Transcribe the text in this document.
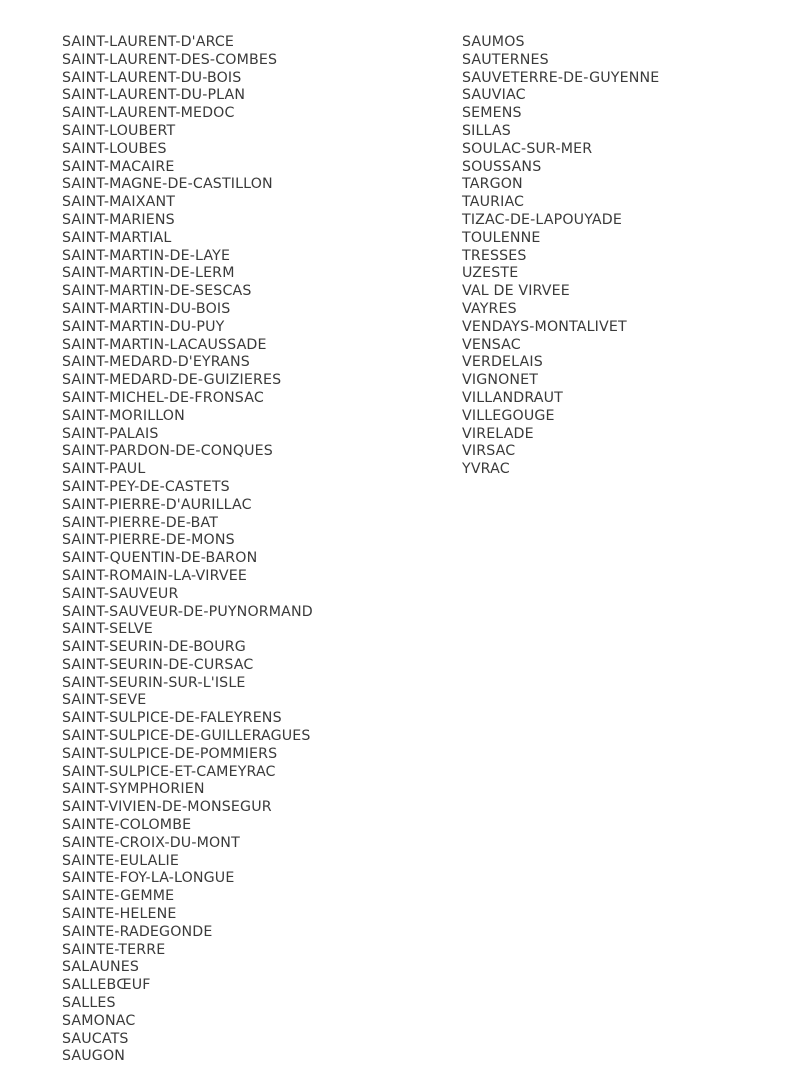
SAINT-LAURENT-D'ARCE
SAINT-LAURENT-DES-COMBES
SAINT-LAURENT-DU-BOIS
SAINT-LAURENT-DU-PLAN
SAINT-LAURENT-MEDOC
SAINT-LOUBERT
SAINT-LOUBES
SAINT-MACAIRE
SAINT-MAGNE-DE-CASTILLON
SAINT-MAIXANT
SAINT-MARIENS
SAINT-MARTIAL
SAINT-MARTIN-DE-LAYE
SAINT-MARTIN-DE-LERM
SAINT-MARTIN-DE-SESCAS
SAINT-MARTIN-DU-BOIS
SAINT-MARTIN-DU-PUY
SAINT-MARTIN-LACAUSSADE
SAINT-MEDARD-D'EYRANS
SAINT-MEDARD-DE-GUIZIERES
SAINT-MICHEL-DE-FRONSAC
SAINT-MORILLON
SAINT-PALAIS
SAINT-PARDON-DE-CONQUES
SAINT-PAUL
SAINT-PEY-DE-CASTETS
SAINT-PIERRE-D'AURILLAC
SAINT-PIERRE-DE-BAT
SAINT-PIERRE-DE-MONS
SAINT-QUENTIN-DE-BARON
SAINT-ROMAIN-LA-VIRVEE
SAINT-SAUVEUR
SAINT-SAUVEUR-DE-PUYNORMAND
SAINT-SELVE
SAINT-SEURIN-DE-BOURG
SAINT-SEURIN-DE-CURSAC
SAINT-SEURIN-SUR-L'ISLE
SAINT-SEVE
SAINT-SULPICE-DE-FALEYRENS
SAINT-SULPICE-DE-GUILLERAGUES
SAINT-SULPICE-DE-POMMIERS
SAINT-SULPICE-ET-CAMEYRAC
SAINT-SYMPHORIEN
SAINT-VIVIEN-DE-MONSEGUR
SAINTE-COLOMBE
SAINTE-CROIX-DU-MONT
SAINTE-EULALIE
SAINTE-FOY-LA-LONGUE
SAINTE-GEMME
SAINTE-HELENE
SAINTE-RADEGONDE
SAINTE-TERRE
SALAUNES
SALLEBŒUF
SALLES
SAMONAC
SAUCATS
SAUGON
SAUMOS
SAUTERNES
SAUVETERRE-DE-GUYENNE
SAUVIAC
SEMENS
SILLAS
SOULAC-SUR-MER
SOUSSANS
TARGON
TAURIAC
TIZAC-DE-LAPOUYADE
TOULENNE
TRESSES
UZESTE
VAL DE VIRVEE
VAYRES
VENDAYS-MONTALIVET
VENSAC
VERDELAIS
VIGNONET
VILLANDRAUT
VILLEGOUGE
VIRELADE
VIRSAC
YVRAC
